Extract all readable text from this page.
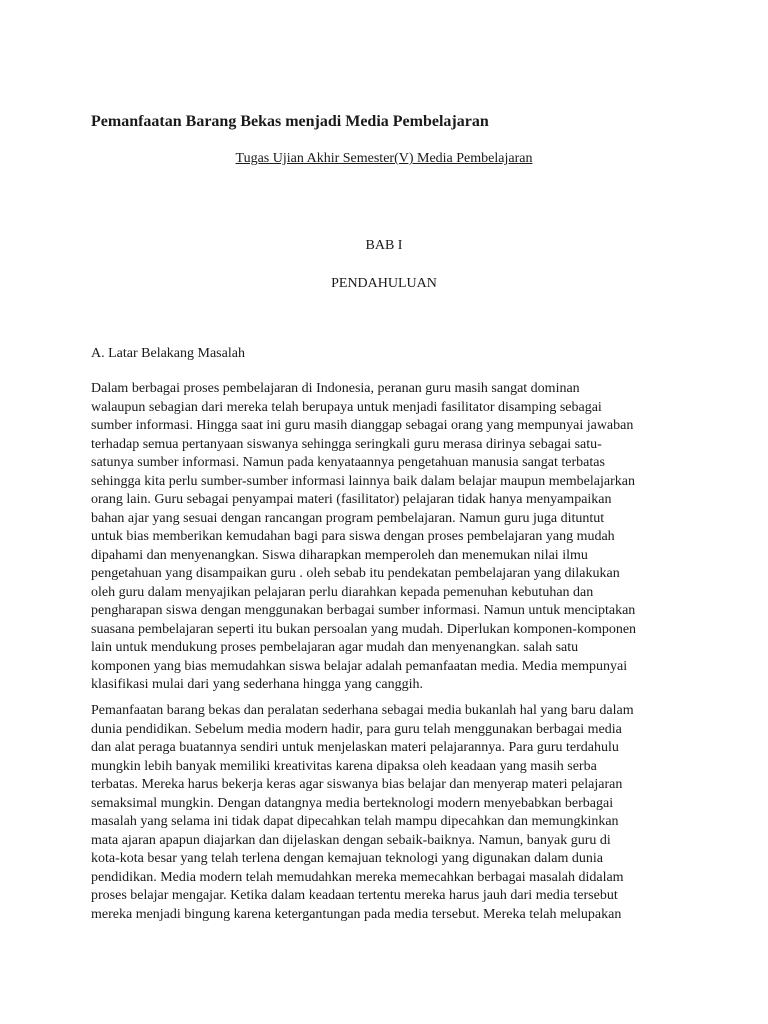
Pemanfaatan Barang Bekas menjadi Media Pembelajaran

Tugas Ujian Akhir Semester(V) Media Pembelajaran

BAB I

PENDAHULUAN

A. Latar Belakang Masalah

Dalam berbagai proses pembelajaran di Indonesia, peranan guru masih sangat dominan
walaupun sebagian dari mereka telah berupaya untuk menjadi fasilitator disamping sebagai
sumber informasi. Hingga saat ini guru masih dianggap sebagai orang yang mempunyai jawaban
terhadap semua pertanyaan siswanya sehingga seringkali guru merasa dirinya sebagai satu-
satunya sumber informasi. Namun pada kenyataannya pengetahuan manusia sangat terbatas
sehingga kita perlu sumber-sumber informasi lainnya baik dalam belajar maupun membelajarkan
orang lain. Guru sebagai penyampai materi (fasilitator) pelajaran tidak hanya menyampaikan
bahan ajar yang sesuai dengan rancangan program pembelajaran. Namun guru juga dituntut
untuk bias memberikan kemudahan bagi para siswa dengan proses pembelajaran yang mudah
dipahami dan menyenangkan. Siswa diharapkan memperoleh dan menemukan nilai ilmu
pengetahuan yang disampaikan guru . oleh sebab itu pendekatan pembelajaran yang dilakukan
oleh guru dalam menyajikan pelajaran perlu diarahkan kepada pemenuhan kebutuhan dan
pengharapan siswa dengan menggunakan berbagai sumber informasi. Namun untuk menciptakan
suasana pembelajaran seperti itu bukan persoalan yang mudah. Diperlukan komponen-komponen
lain untuk mendukung proses pembelajaran agar mudah dan menyenangkan. salah satu
komponen yang bias memudahkan siswa belajar adalah pemanfaatan media. Media mempunyai
klasifikasi mulai dari yang sederhana hingga yang canggih.
Pemanfaatan barang bekas dan peralatan sederhana sebagai media bukanlah hal yang baru dalam
dunia pendidikan. Sebelum media modern hadir, para guru telah menggunakan berbagai media
dan alat peraga buatannya sendiri untuk menjelaskan materi pelajarannya. Para guru terdahulu
mungkin lebih banyak memiliki kreativitas karena dipaksa oleh keadaan yang masih serba
terbatas. Mereka harus bekerja keras agar siswanya bias belajar dan menyerap materi pelajaran
semaksimal mungkin. Dengan datangnya media berteknologi modern menyebabkan berbagai
masalah yang selama ini tidak dapat dipecahkan telah mampu dipecahkan dan memungkinkan
mata ajaran apapun diajarkan dan dijelaskan dengan sebaik-baiknya. Namun, banyak guru di
kota-kota besar yang telah terlena dengan kemajuan teknologi yang digunakan dalam dunia
pendidikan. Media modern telah memudahkan mereka memecahkan berbagai masalah didalam
proses belajar mengajar. Ketika dalam keadaan tertentu mereka harus jauh dari media tersebut
mereka menjadi bingung karena ketergantungan pada media tersebut. Mereka telah melupakan
